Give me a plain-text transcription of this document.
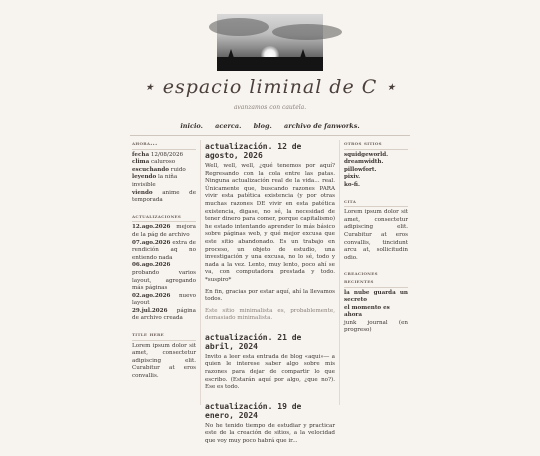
⋆ espacio liminal de C ⋆
avanzamos con cautela.
inicio. acerca. blog. archivo de fanworks.
ahora...
fecha 12/08/2026
clima caluroso
escuchando ruido
leyendo la niña invisible
viendo anime de temporada
actualizaciones
12.ago.2026 mejora de la pág de archivo
07.ago.2026 extra de rendición aq no entiendo nada
06.ago.2026 probando varios layout, agregando más páginas
02.ago.2026 nuevo layout
29.jul.2026 página de archivo creada
title here
Lorem ipsum dolor sit amet, consectetur adipiscing elit. Curabitur at eros convallis.
actualización. 12 de agosto, 2026

Well, well, well, ¿qué tenemos por aquí? Regresando con la cola entre las patas. Ninguna actualización real de la vida... real. Únicamente que, buscando razones PARA vivir esta patética existencia (y por otras muchas razones DE vivir en esta patética existencia, digase, no sé, la necesidad de tener dinero para comer, porque capitalismo) he estado intentando aprender lo más básico sobre páginas web, y qué mejor excusa que este sitio abandonado. Es un trabajo en proceso, un objeto de estudio, una investigación y una excusa, no lo sé, todo y nada a la vez. Lento, muy lento, poco ahí se va, con computadora prestada y todo. *suspiro*

En fin, gracias por estar aquí, ahí la llevamos todos.

Este sitio minimalista es, probablemente, demasiado minimalista.

actualización. 21 de abril, 2024

Invito a leer esta entrada de blog «aqui»— a quien le interese saber algo sobre mis razones para dejar de compartir lo que escribo. (Estarán aquí por algo, ¿que no?). Ese es todo.

actualización. 19 de enero, 2024

No he tenido tiempo de estudiar y practicar este de la creación de sitios, a la velocidad que voy muy poco habrá que ir...

otros sitios
squidgeworld.
dreamwidth.
pillowfort.
pixiv.
ko-fi.
cita
Lorem ipsum dolor sit amet, consectetur adipiscing elit. Curabitur at eros convallis, tincidunt arcu at, sollicitudin odio.
creaciones recientes
la nube guarda un secreto
el momento es ahora
junk journal (en progreso)
